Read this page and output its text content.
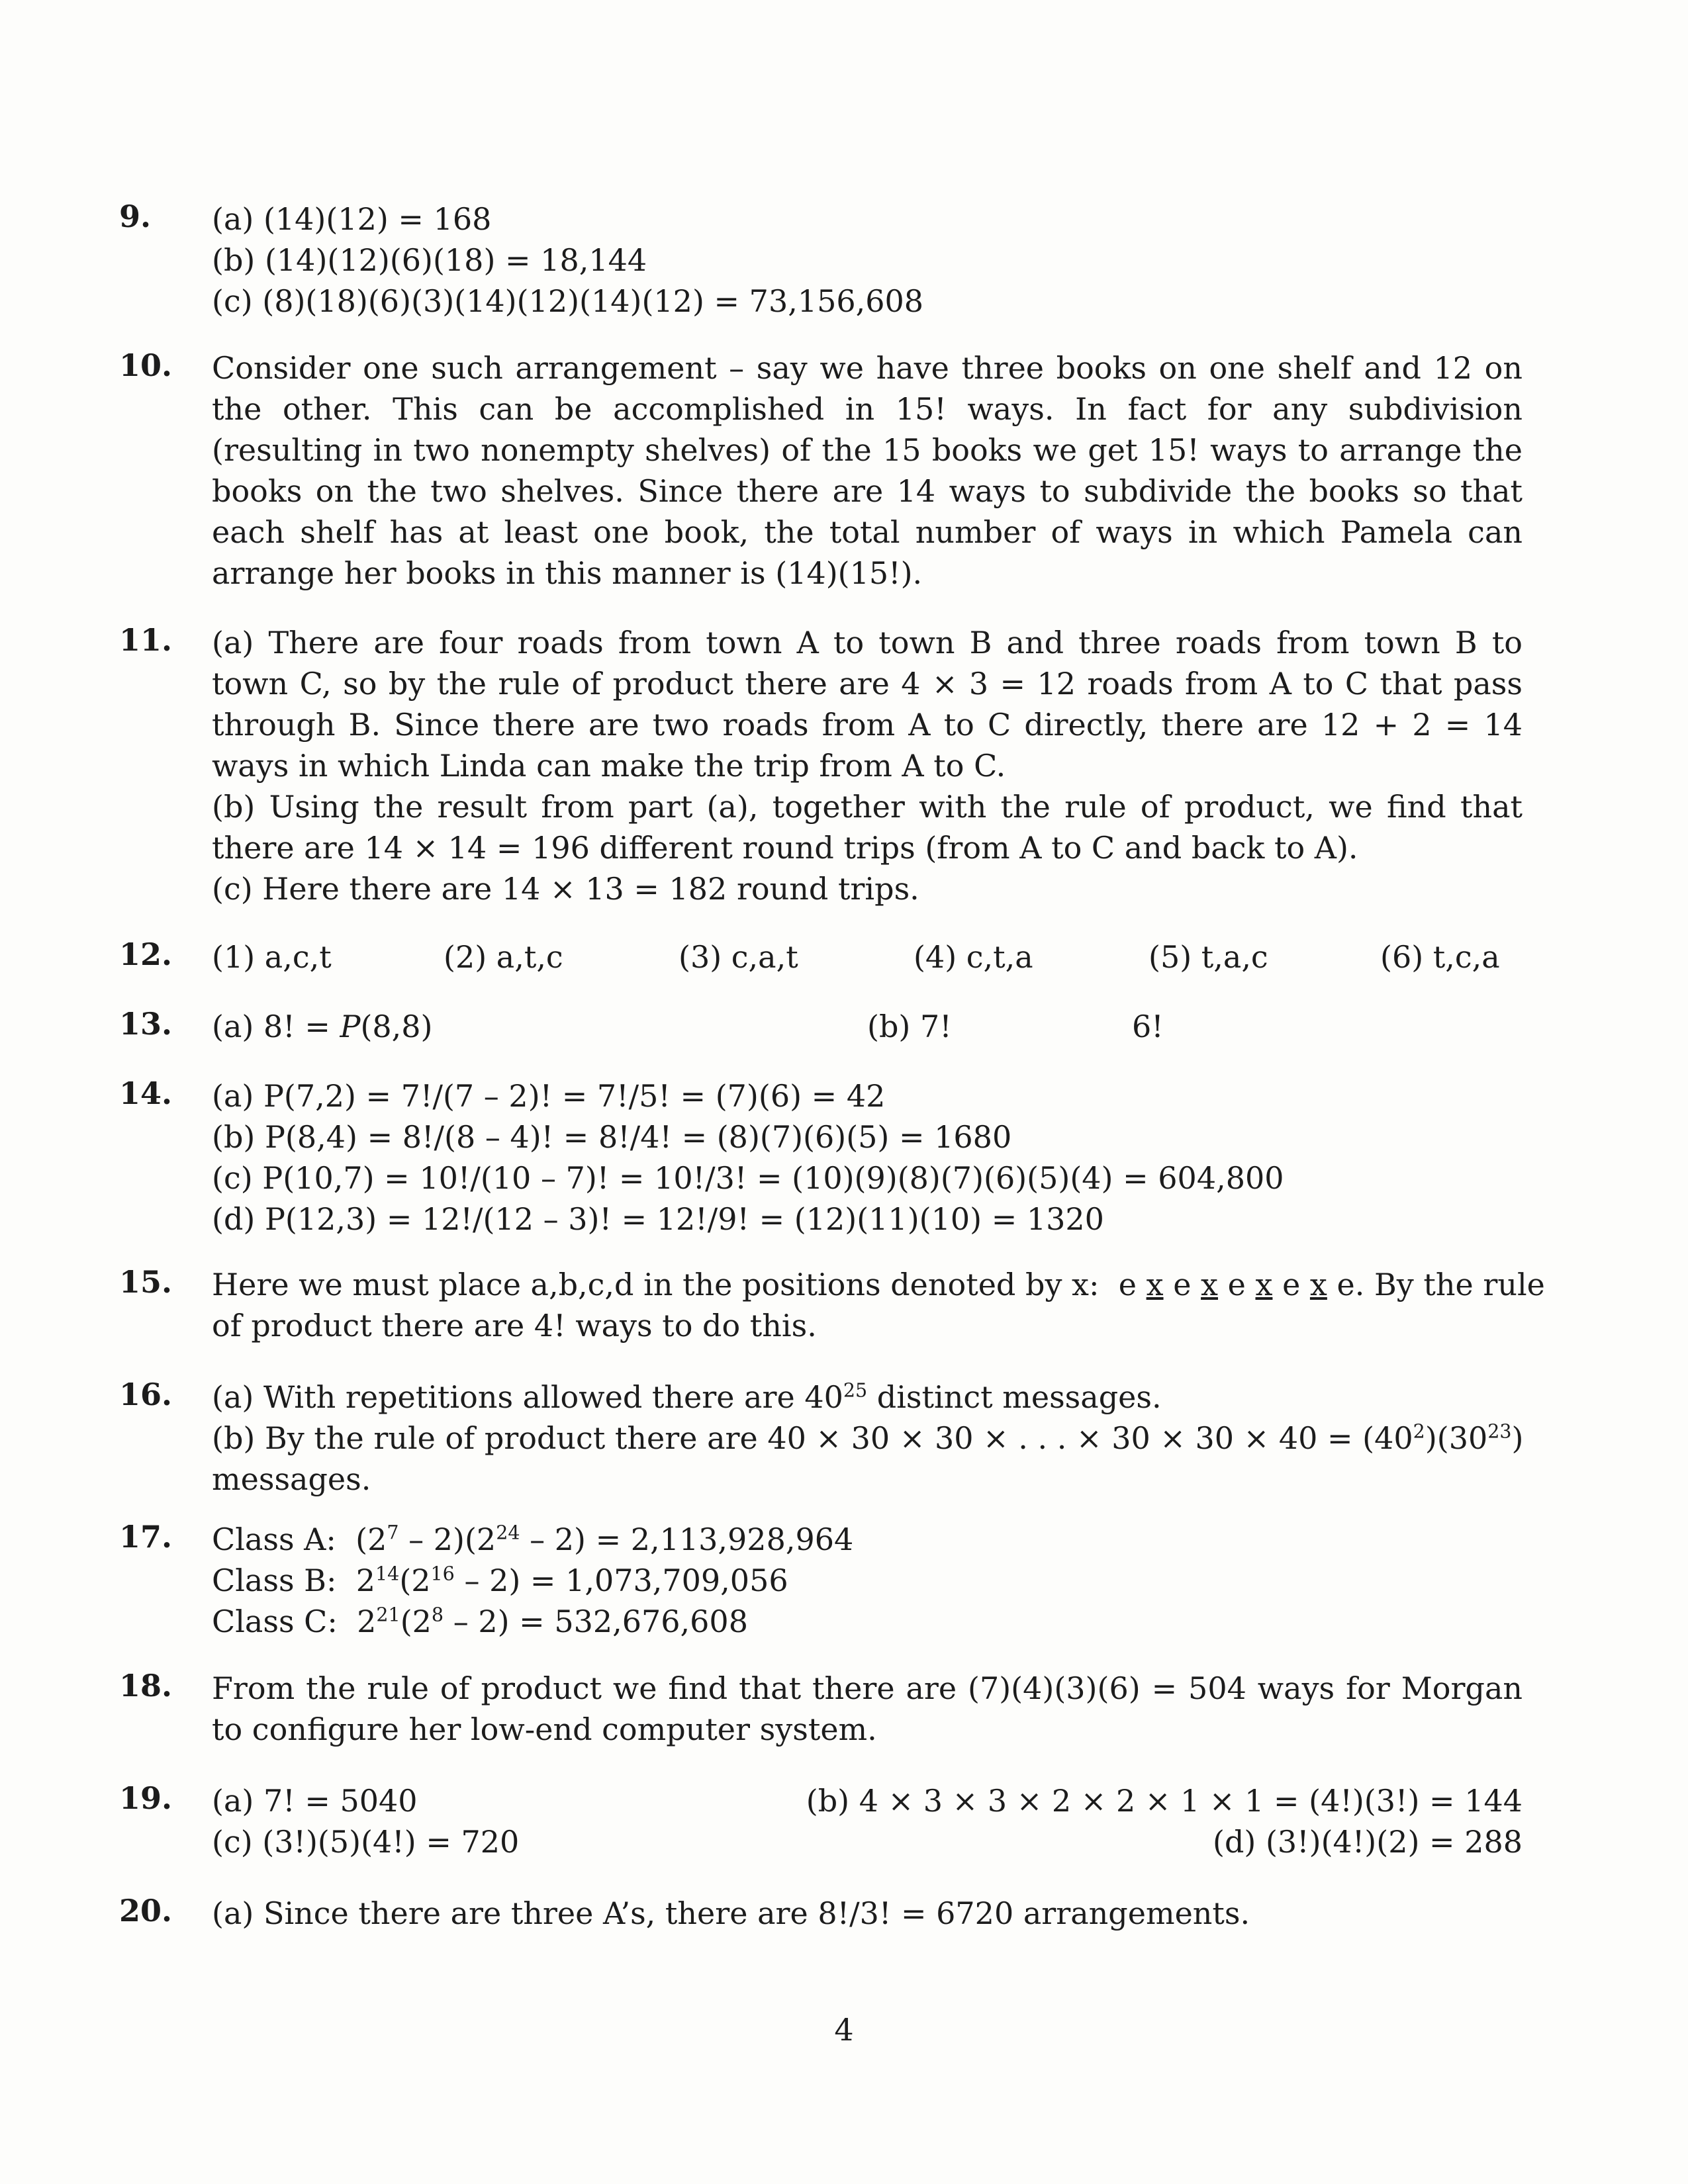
9.	(a) (14)(12) = 168
(b) (14)(12)(6)(18) = 18,144
(c) (8)(18)(6)(3)(14)(12)(14)(12) = 73,156,608
10.	Consider one such arrangement – say we have three books on one shelf and 12 on the other. This can be accomplished in 15! ways. In fact for any subdivision (resulting in two nonempty shelves) of the 15 books we get 15! ways to arrange the books on the two shelves. Since there are 14 ways to subdivide the books so that each shelf has at least one book, the total number of ways in which Pamela can arrange her books in this manner is (14)(15!).
11.	(a) There are four roads from town A to town B and three roads from town B to town C, so by the rule of product there are 4 × 3 = 12 roads from A to C that pass through B. Since there are two roads from A to C directly, there are 12 + 2 = 14 ways in which Linda can make the trip from A to C.
(b) Using the result from part (a), together with the rule of product, we find that there are 14 × 14 = 196 different round trips (from A to C and back to A).
(c) Here there are 14 × 13 = 182 round trips.
12.	(1) a,c,t	(2) a,t,c	(3) c,a,t	(4) c,t,a	(5) t,a,c	(6) t,c,a
13.	(a) 8! = P(8,8)	(b) 7!	6!
14.	(a) P(7,2) = 7!/(7 – 2)! = 7!/5! = (7)(6) = 42
(b) P(8,4) = 8!/(8 – 4)! = 8!/4! = (8)(7)(6)(5) = 1680
(c) P(10,7) = 10!/(10 – 7)! = 10!/3! = (10)(9)(8)(7)(6)(5)(4) = 604,800
(d) P(12,3) = 12!/(12 – 3)! = 12!/9! = (12)(11)(10) = 1320
15.	Here we must place a,b,c,d in the positions denoted by x: e x e x e x e x e. By the rule
of product there are 4! ways to do this.
16.	(a) With repetitions allowed there are $40^{25}$ distinct messages.
(b) By the rule of product there are 40 × 30 × 30 × . . . × $30 \times 30 \times 40 = (40^2)(30^{23})$
messages.
17.	Class A: $(2^7 - 2)(2^{24} - 2) = 2,113,928,964$
Class B: $2^{14}(2^{16} - 2) = 1,073,709,056$
Class C: $2^{21}(2^8 - 2) = 532,676,608$
18.	From the rule of product we find that there are (7)(4)(3)(6) = 504 ways for Morgan to configure her low-end computer system.
19.	(a) 7! = 5040	(b) 4 × 3 × 3 × 2 × 2 × 1 × 1 = (4!)(3!) = 144
(c) (3!)(5)(4!) = 720	(d) (3!)(4!)(2) = 288
20.	(a) Since there are three A’s, there are 8!/3! = 6720 arrangements.
4
